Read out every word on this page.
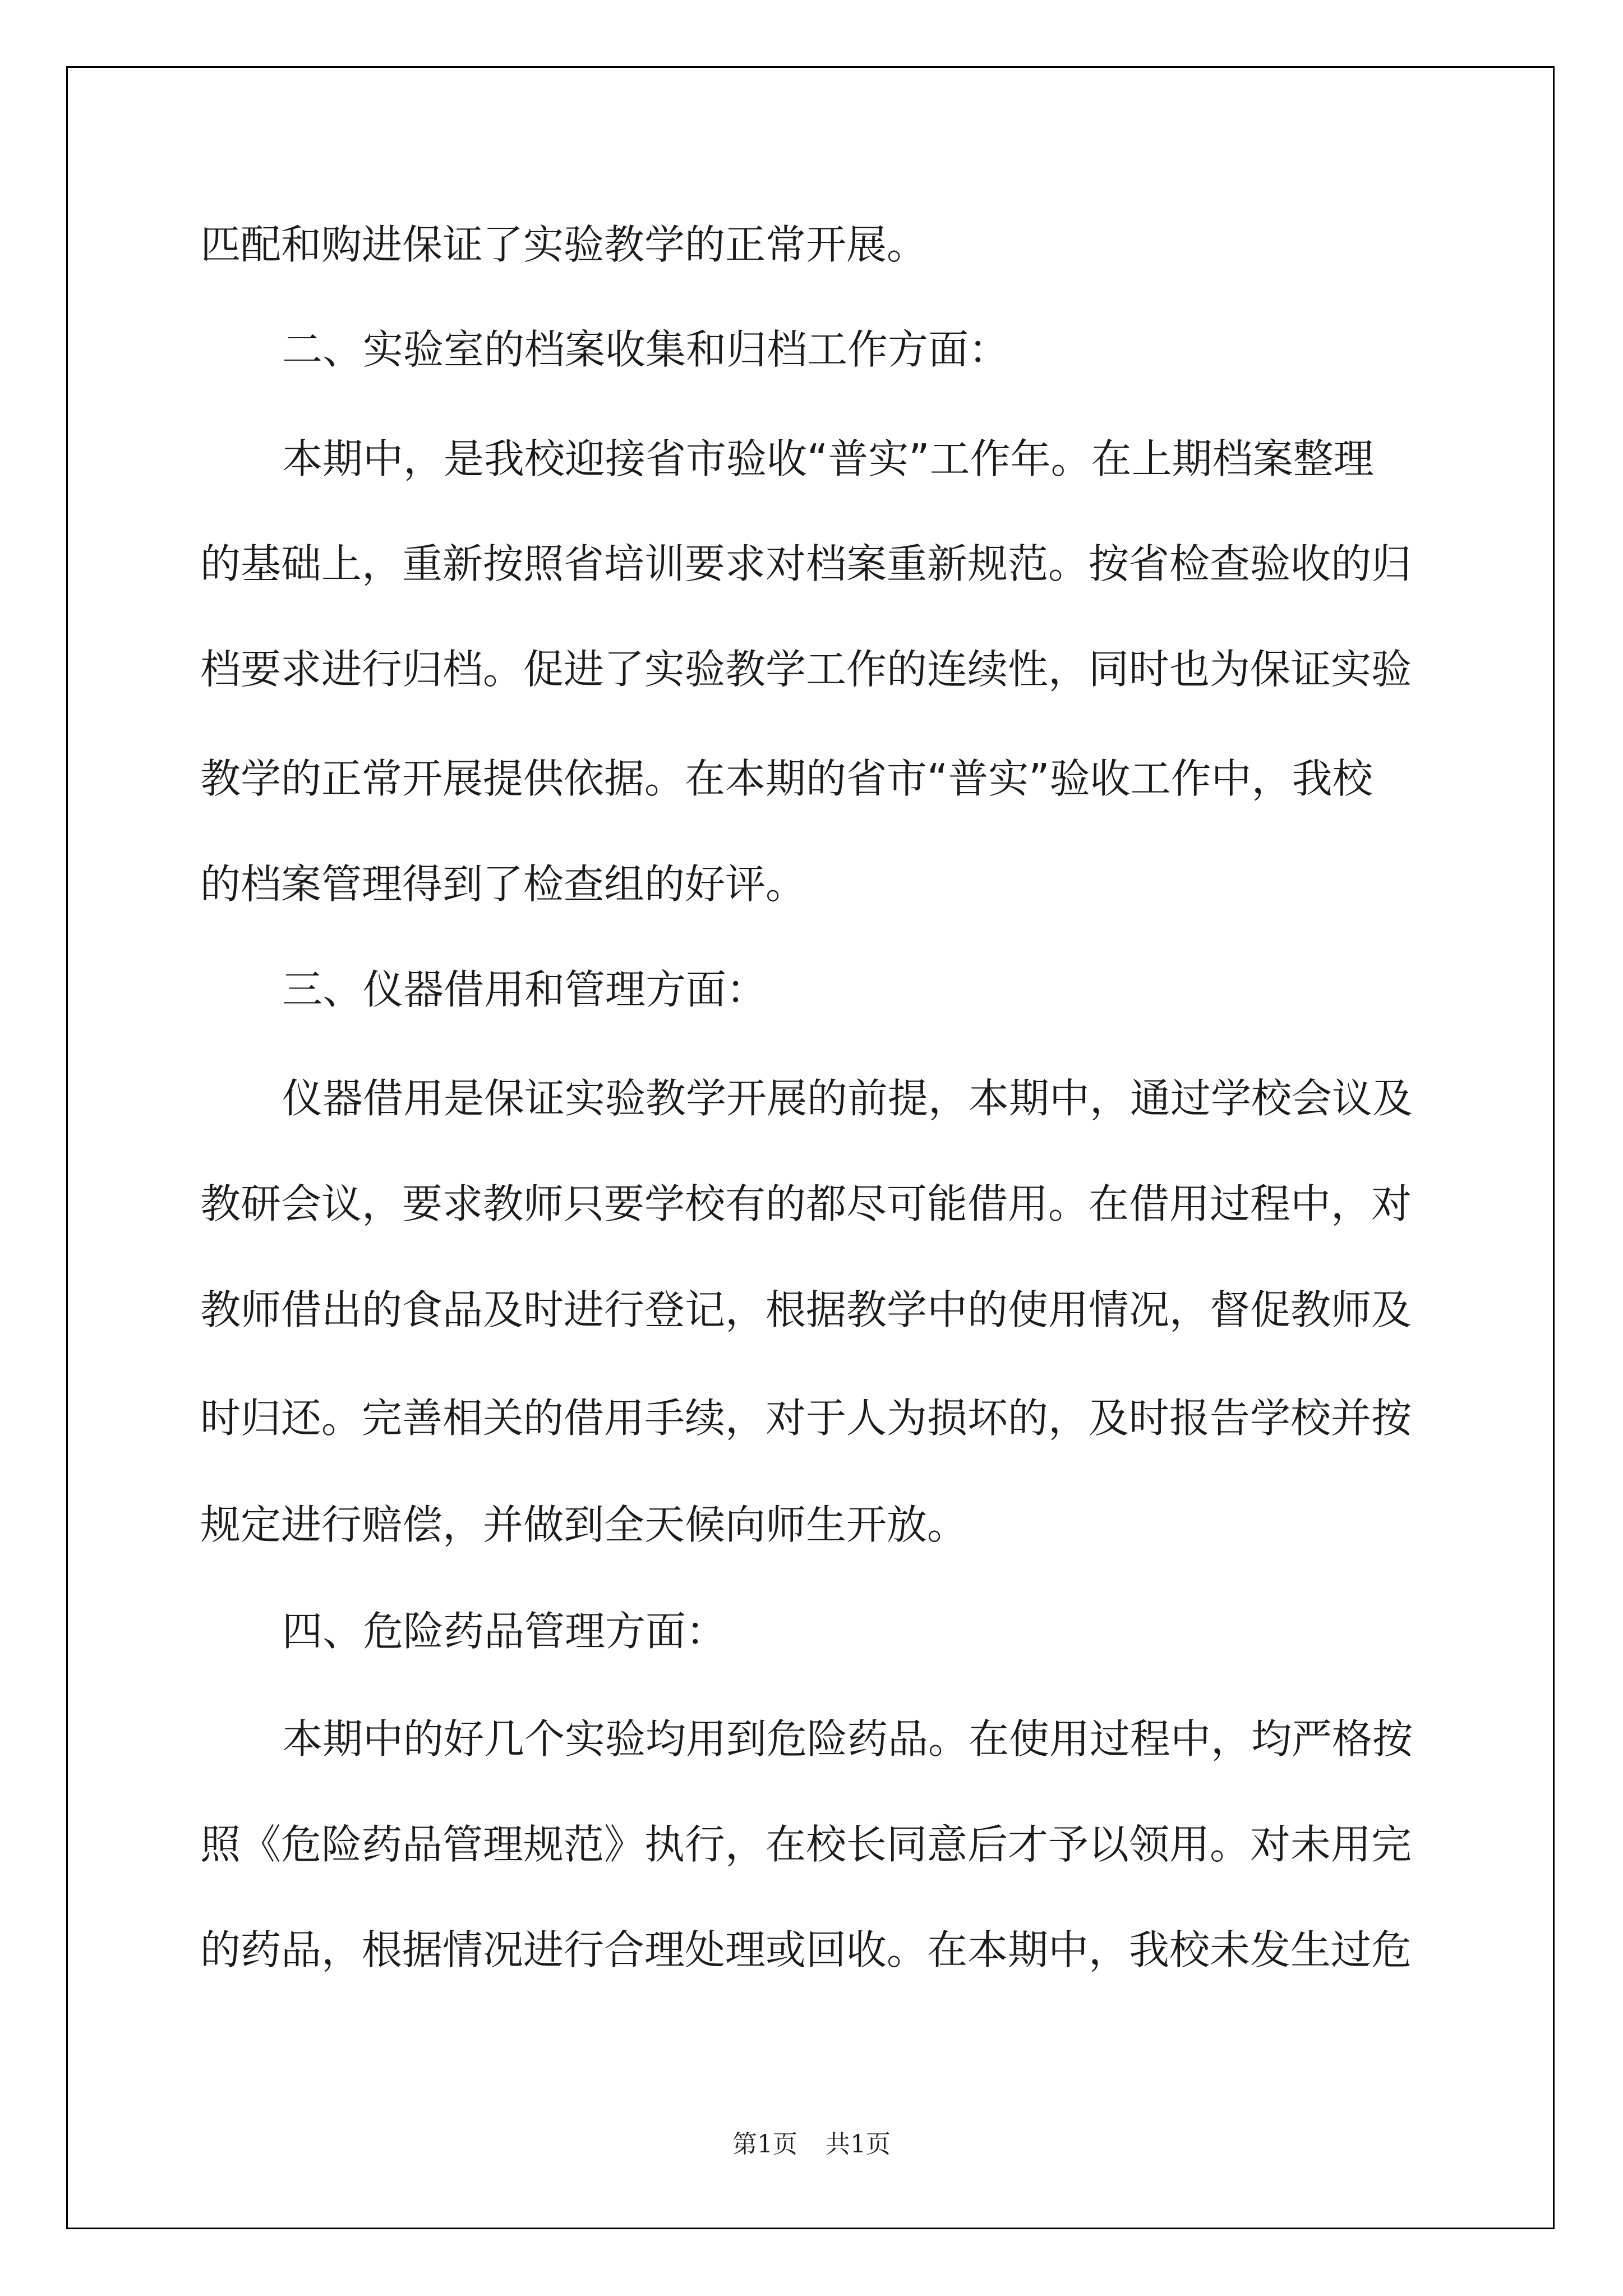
匹配和购进保证了实验教学的正常开展。
二、实验室的档案收集和归档工作方面：
本期中，是我校迎接省市验收“普实”工作年。在上期档案整理
的基础上，重新按照省培训要求对档案重新规范。按省检查验收的归
档要求进行归档。促进了实验教学工作的连续性，同时也为保证实验
教学的正常开展提供依据。在本期的省市“普实”验收工作中，我校
的档案管理得到了检查组的好评。
三、仪器借用和管理方面：
仪器借用是保证实验教学开展的前提，本期中，通过学校会议及
教研会议，要求教师只要学校有的都尽可能借用。在借用过程中，对
教师借出的食品及时进行登记，根据教学中的使用情况，督促教师及
时归还。完善相关的借用手续，对于人为损坏的，及时报告学校并按
规定进行赔偿，并做到全天候向师生开放。
四、危险药品管理方面：
本期中的好几个实验均用到危险药品。在使用过程中，均严格按
照《危险药品管理规范》执行，在校长同意后才予以领用。对未用完
的药品，根据情况进行合理处理或回收。在本期中，我校未发生过危
第1页 共1页
